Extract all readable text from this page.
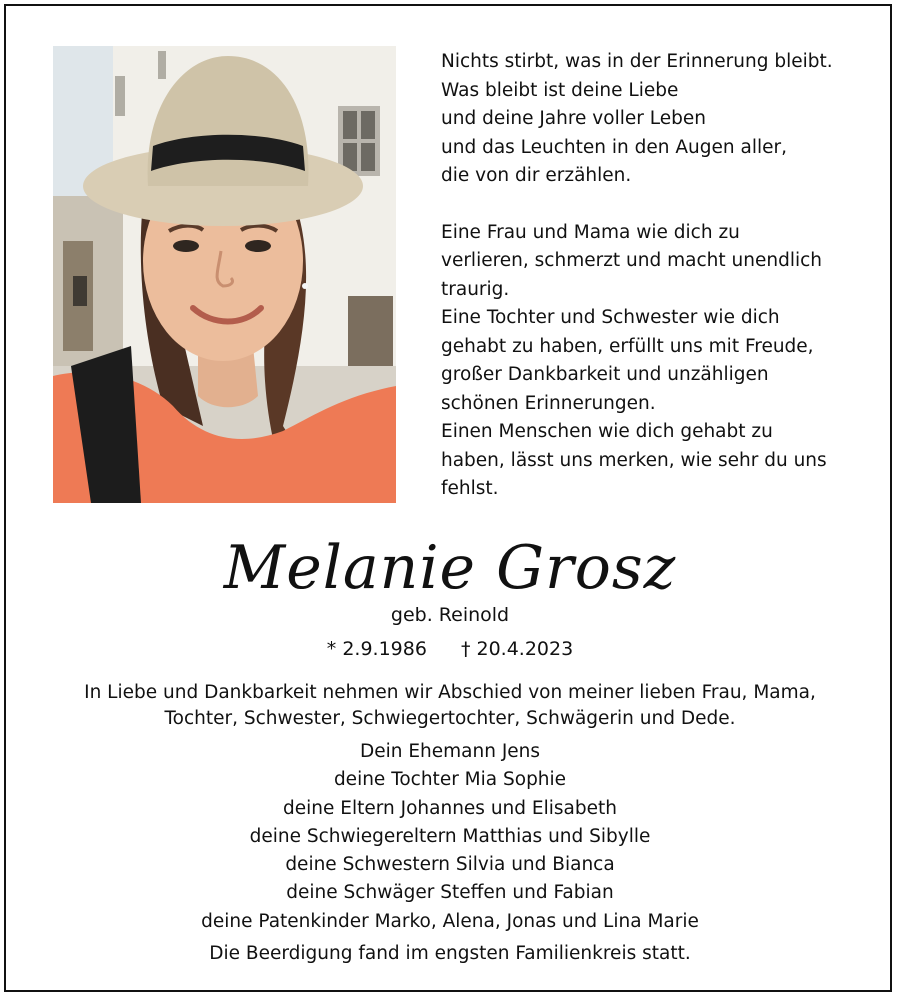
Nichts stirbt, was in der Erinnerung bleibt.
Was bleibt ist deine Liebe
und deine Jahre voller Leben
und das Leuchten in den Augen aller,
die von dir erzählen.

Eine Frau und Mama wie dich zu
verlieren, schmerzt und macht unendlich
traurig.

Eine Tochter und Schwester wie dich
gehabt zu haben, erfüllt uns mit Freude,
großer Dankbarkeit und unzähligen
schönen Erinnerungen.

Einen Menschen wie dich gehabt zu
haben, lässt uns merken, wie sehr du uns
fehlst.

Melanie Grosz
geb. Reinold
* 2.9.1986 † 20.4.2023
In Liebe und Dankbarkeit nehmen wir Abschied von meiner lieben Frau, Mama,
Tochter, Schwester, Schwiegertochter, Schwägerin und Dede.
Dein Ehemann Jens
deine Tochter Mia Sophie
deine Eltern Johannes und Elisabeth
deine Schwiegereltern Matthias und Sibylle
deine Schwestern Silvia und Bianca
deine Schwäger Steffen und Fabian
deine Patenkinder Marko, Alena, Jonas und Lina Marie
Die Beerdigung fand im engsten Familienkreis statt.
